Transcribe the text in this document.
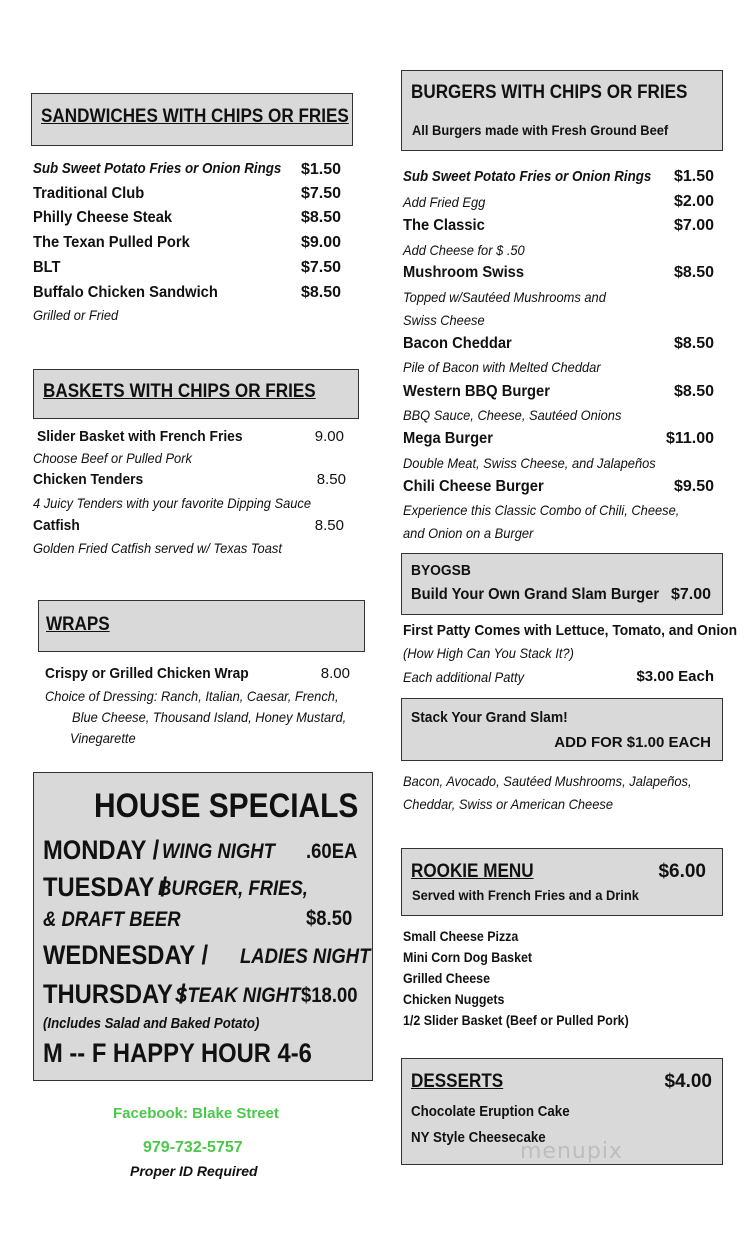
SANDWICHES WITH CHIPS OR FRIES
Sub Sweet Potato Fries or Onion Rings $1.50
Traditional Club	$7.50
Philly Cheese Steak	$8.50
The Texan Pulled Pork	$9.00
BLT	$7.50
Buffalo Chicken Sandwich	$8.50
Grilled or Fried
BASKETS WITH CHIPS OR FRIES
Slider Basket with French Fries	9.00
Choose Beef or Pulled Pork
Chicken Tenders	8.50
4 Juicy Tenders with your favorite Dipping Sauce
Catfish	8.50
Golden Fried Catfish served w/ Texas Toast
WRAPS
Crispy or Grilled Chicken Wrap	8.00
Choice of Dressing: Ranch, Italian, Caesar, French,
Blue Cheese, Thousand Island, Honey Mustard,
Vinegarette
HOUSE SPECIALS
MONDAY / WING NIGHT .60EA
TUESDAY /
BURGER, FRIES,
& DRAFT BEER	$8.50
WEDNESDAY / LADIES NIGHT
THURSDAY /
STEAK NIGHT $18.00
(Includes Salad and Baked Potato)
M -- F HAPPY HOUR 4-6
Facebook: Blake Street
979-732-5757
Proper ID Required
BURGERS WITH CHIPS OR FRIES
All Burgers made with Fresh Ground Beef
Sub Sweet Potato Fries or Onion Rings $1.50
Add Fried Egg	$2.00
The Classic	$7.00
Add Cheese for $ .50
Mushroom Swiss	$8.50
Topped w/Sautéed Mushrooms and
Swiss Cheese
Bacon Cheddar	$8.50
Pile of Bacon with Melted Cheddar
Western BBQ Burger	$8.50
BBQ Sauce, Cheese, Sautéed Onions
Mega Burger	$11.00
Double Meat, Swiss Cheese, and Jalapeños
Chili Cheese Burger	$9.50
Experience this Classic Combo of Chili, Cheese,
and Onion on a Burger
BYOGSB
Build Your Own Grand Slam Burger $7.00
First Patty Comes with Lettuce, Tomato, and Onion
(How High Can You Stack It?)
Each additional Patty	$3.00 Each
Stack Your Grand Slam!
ADD FOR $1.00 EACH
Bacon, Avocado, Sautéed Mushrooms, Jalapeños,
Cheddar, Swiss or American Cheese
ROOKIE MENU	$6.00
Served with French Fries and a Drink
Small Cheese Pizza
Mini Corn Dog Basket
Grilled Cheese
Chicken Nuggets
1/2 Slider Basket (Beef or Pulled Pork)
DESSERTS	$4.00
Chocolate Eruption Cake
NY Style Cheesecake
menupix
